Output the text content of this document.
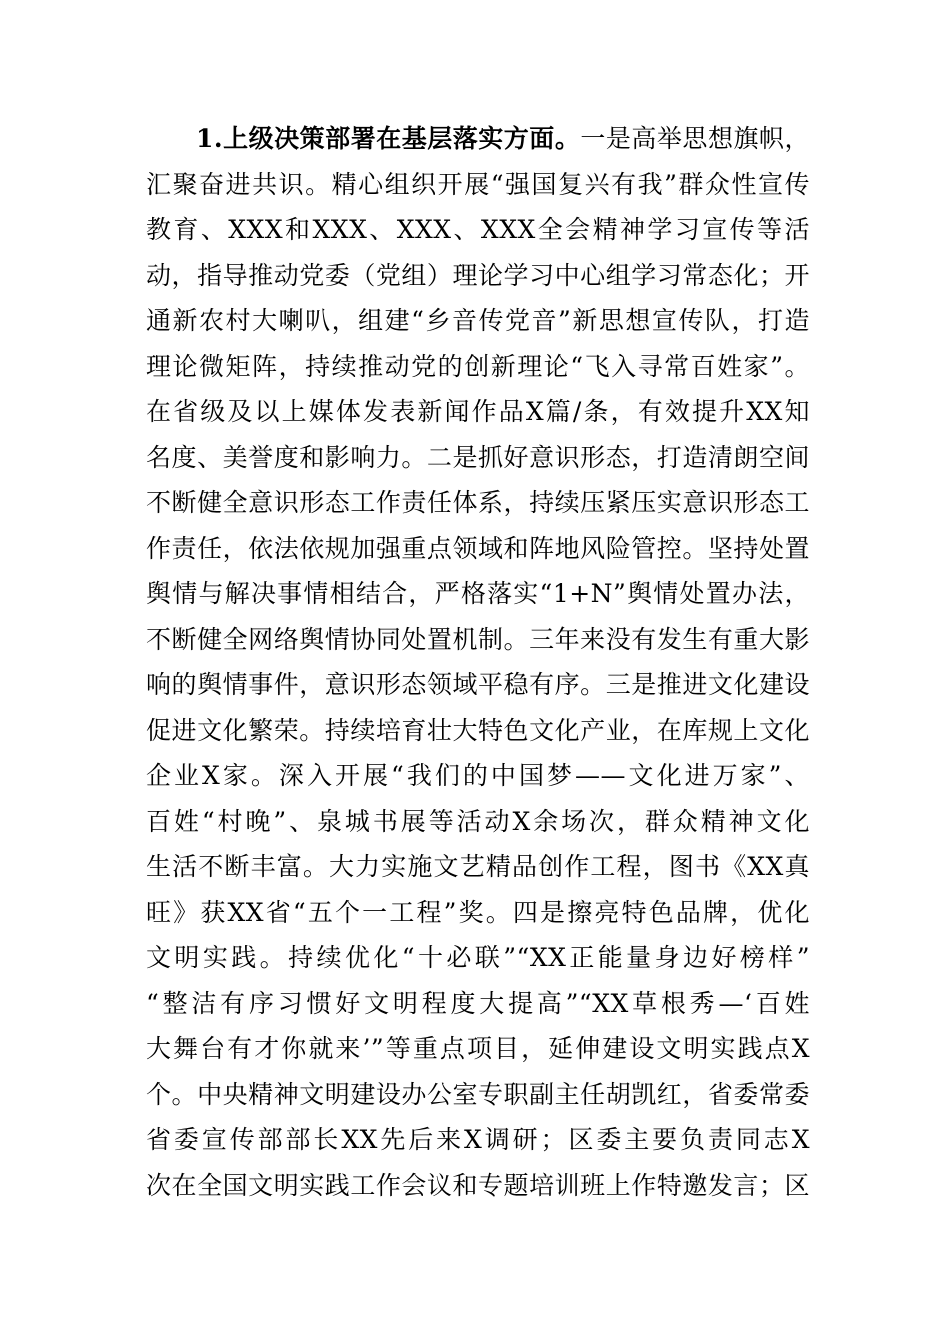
1.上级决策部署在基层落实方面。一是高举思想旗帜，
汇聚奋进共识。精心组织开展“强国复兴有我”群众性宣传
教育、XXX和XXX、XXX、XXX全会精神学习宣传等活
动，指导推动党委（党组）理论学习中心组学习常态化；开
通新农村大喇叭，组建“乡音传党音”新思想宣传队，打造
理论微矩阵，持续推动党的创新理论“飞入寻常百姓家”。
在省级及以上媒体发表新闻作品X篇/条，有效提升XX知
名度、美誉度和影响力。二是抓好意识形态，打造清朗空间
不断健全意识形态工作责任体系，持续压紧压实意识形态工
作责任，依法依规加强重点领域和阵地风险管控。坚持处置
舆情与解决事情相结合，严格落实“1+N”舆情处置办法，
不断健全网络舆情协同处置机制。三年来没有发生有重大影
响的舆情事件，意识形态领域平稳有序。三是推进文化建设
促进文化繁荣。持续培育壮大特色文化产业，在库规上文化
企业X家。深入开展“我们的中国梦——文化进万家”、
百姓“村晚”、泉城书展等活动X余场次，群众精神文化
生活不断丰富。大力实施文艺精品创作工程，图书《XX真
旺》获XX省“五个一工程”奖。四是擦亮特色品牌，优化
文明实践。持续优化“十必联”“XX正能量身边好榜样”
“整洁有序习惯好文明程度大提高”“XX草根秀—‘百姓
大舞台有才你就来’”等重点项目，延伸建设文明实践点X
个。中央精神文明建设办公室专职副主任胡凯红，省委常委
省委宣传部部长XX先后来X调研；区委主要负责同志X
次在全国文明实践工作会议和专题培训班上作特邀发言；区
